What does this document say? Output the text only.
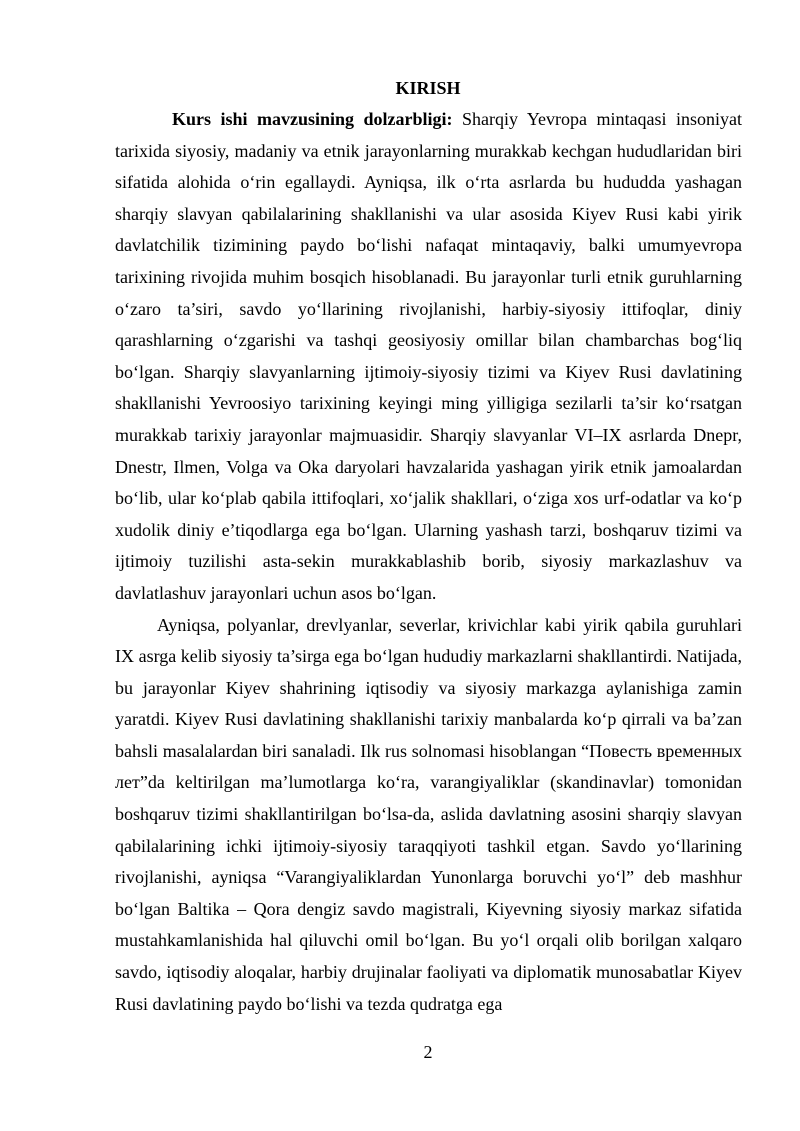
KIRISH

Kurs ishi mavzusining dolzarbligi: Sharqiy Yevropa mintaqasi insoniyat tarixida siyosiy, madaniy va etnik jarayonlarning murakkab kechgan hududlaridan biri sifatida alohida oʻrin egallaydi. Ayniqsa, ilk oʻrta asrlarda bu hududda yashagan sharqiy slavyan qabilalarining shakllanishi va ular asosida Kiyev Rusi kabi yirik davlatchilik tizimining paydo boʻlishi nafaqat mintaqaviy, balki umumyevropa tarixining rivojida muhim bosqich hisoblanadi. Bu jarayonlar turli etnik guruhlarning oʻzaro ta’siri, savdo yoʻllarining rivojlanishi, harbiy-siyosiy ittifoqlar, diniy qarashlarning oʻzgarishi va tashqi geosiyosiy omillar bilan chambarchas bogʻliq boʻlgan. Sharqiy slavyanlarning ijtimoiy-siyosiy tizimi va Kiyev Rusi davlatining shakllanishi Yevroosiyo tarixining keyingi ming yilligiga sezilarli ta’sir koʻrsatgan murakkab tarixiy jarayonlar majmuasidir. Sharqiy slavyanlar VI–IX asrlarda Dnepr, Dnestr, Ilmen, Volga va Oka daryolari havzalarida yashagan yirik etnik jamoalardan boʻlib, ular koʻplab qabila ittifoqlari, xoʻjalik shakllari, oʻziga xos urf-odatlar va koʻp xudolik diniy e’tiqodlarga ega boʻlgan. Ularning yashash tarzi, boshqaruv tizimi va ijtimoiy tuzilishi asta-sekin murakkablashib borib, siyosiy markazlashuv va davlatlashuv jarayonlari uchun asos boʻlgan.

Ayniqsa, polyanlar, drevlyanlar, severlar, krivichlar kabi yirik qabila guruhlari IX asrga kelib siyosiy ta’sirga ega boʻlgan hududiy markazlarni shakllantirdi. Natijada, bu jarayonlar Kiyev shahrining iqtisodiy va siyosiy markazga aylanishiga zamin yaratdi. Kiyev Rusi davlatining shakllanishi tarixiy manbalarda koʻp qirrali va ba’zan bahsli masalalardan biri sanaladi. Ilk rus solnomasi hisoblangan “Повесть временных лет”da keltirilgan ma’lumotlarga koʻra, varangiyaliklar (skandinavlar) tomonidan boshqaruv tizimi shakllantirilgan boʻlsa-da, aslida davlatning asosini sharqiy slavyan qabilalarining ichki ijtimoiy-siyosiy taraqqiyoti tashkil etgan. Savdo yoʻllarining rivojlanishi, ayniqsa “Varangiyaliklardan Yunonlarga boruvchi yoʻl” deb mashhur boʻlgan Baltika – Qora dengiz savdo magistrali, Kiyevning siyosiy markaz sifatida mustahkamlanishida hal qiluvchi omil boʻlgan. Bu yoʻl orqali olib borilgan xalqaro savdo, iqtisodiy aloqalar, harbiy drujinalar faoliyati va diplomatik munosabatlar Kiyev Rusi davlatining paydo boʻlishi va tezda qudratga ega

2
